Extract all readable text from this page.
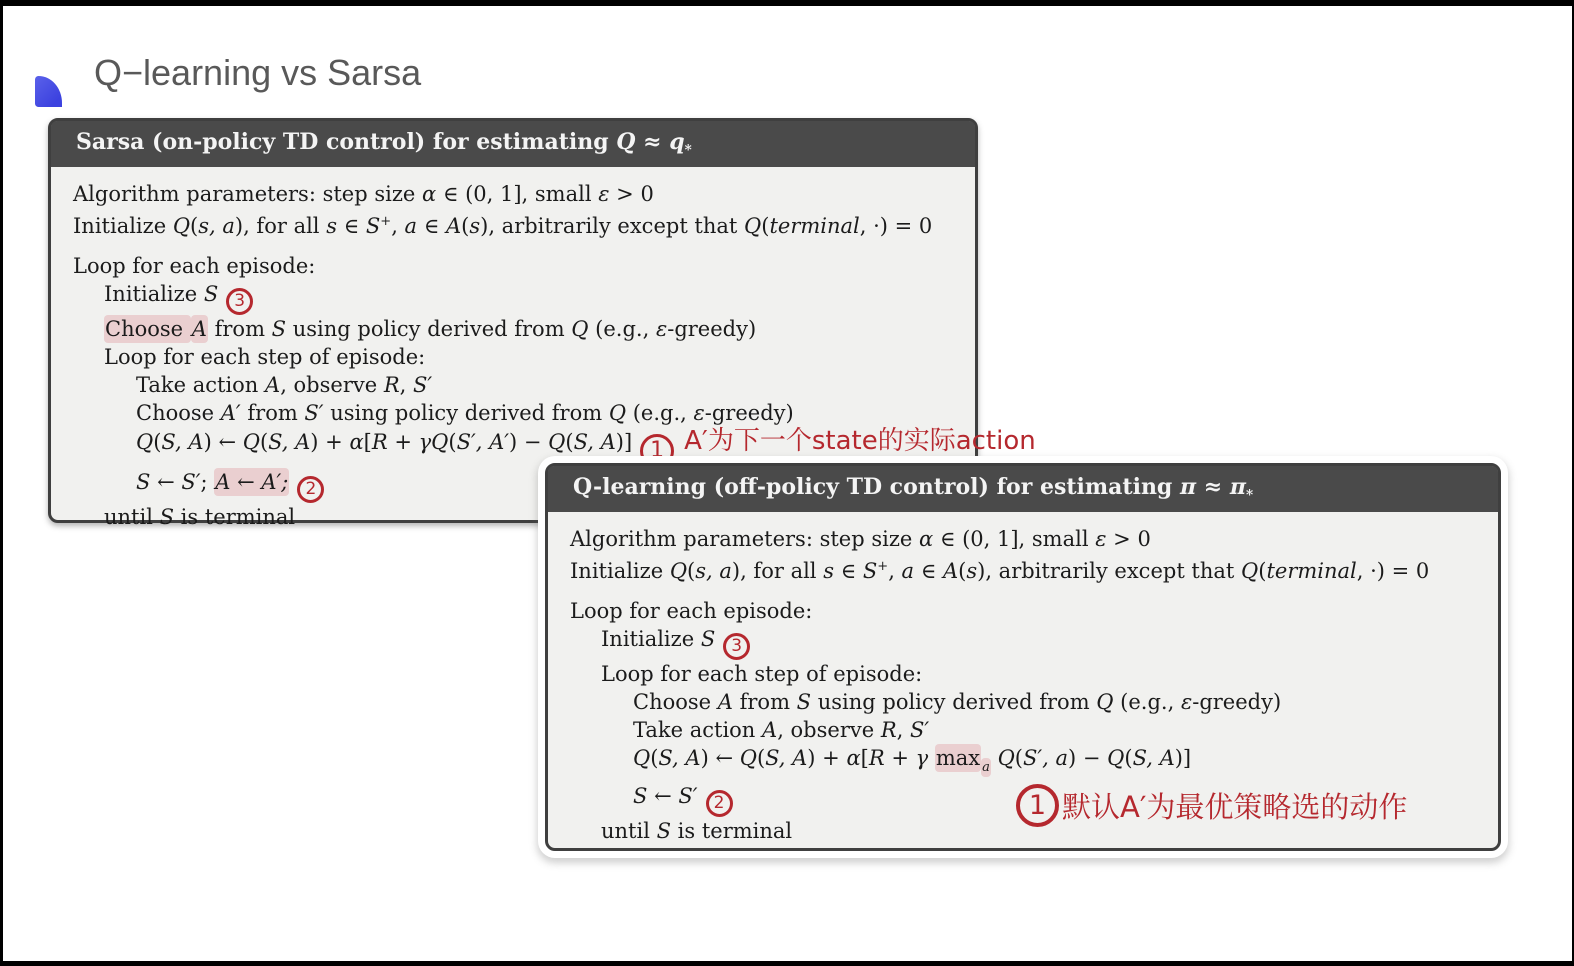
Q−learning vs Sarsa
Sarsa (on-policy TD control) for estimating $Q \approx q_*$
Algorithm parameters: step size α ∈ (0, 1], small ε > 0
Initialize Q(s, a), for all s ∈ S+, a ∈ A(s), arbitrarily except that Q(terminal, ·) = 0
Loop for each episode:
Initialize S 3
Choose A from S using policy derived from Q (e.g., ε-greedy)
Loop for each step of episode:
Take action A, observe R, S′
Choose A′ from S′ using policy derived from Q (e.g., ε-greedy)
Q(S, A) ← Q(S, A) + α[R + γQ(S′, A′) − Q(S, A)] 1 A′为下一个state的实际action
S ← S′; A ← A′; 2
until S is terminal
Q-learning (off-policy TD control) for estimating $\pi \approx \pi_*$
Algorithm parameters: step size α ∈ (0, 1], small ε > 0
Initialize Q(s, a), for all s ∈ S+, a ∈ A(s), arbitrarily except that Q(terminal, ·) = 0
Loop for each episode:
Initialize S 3
Loop for each step of episode:
Choose A from S using policy derived from Q (e.g., ε-greedy)
Take action A, observe R, S′
Q(S, A) ← Q(S, A) + α[R + γ max $_a$ Q(S′, a) − Q(S, A)]
S ← S′ 2
until S is terminal
1 默认A′为最优策略选的动作
